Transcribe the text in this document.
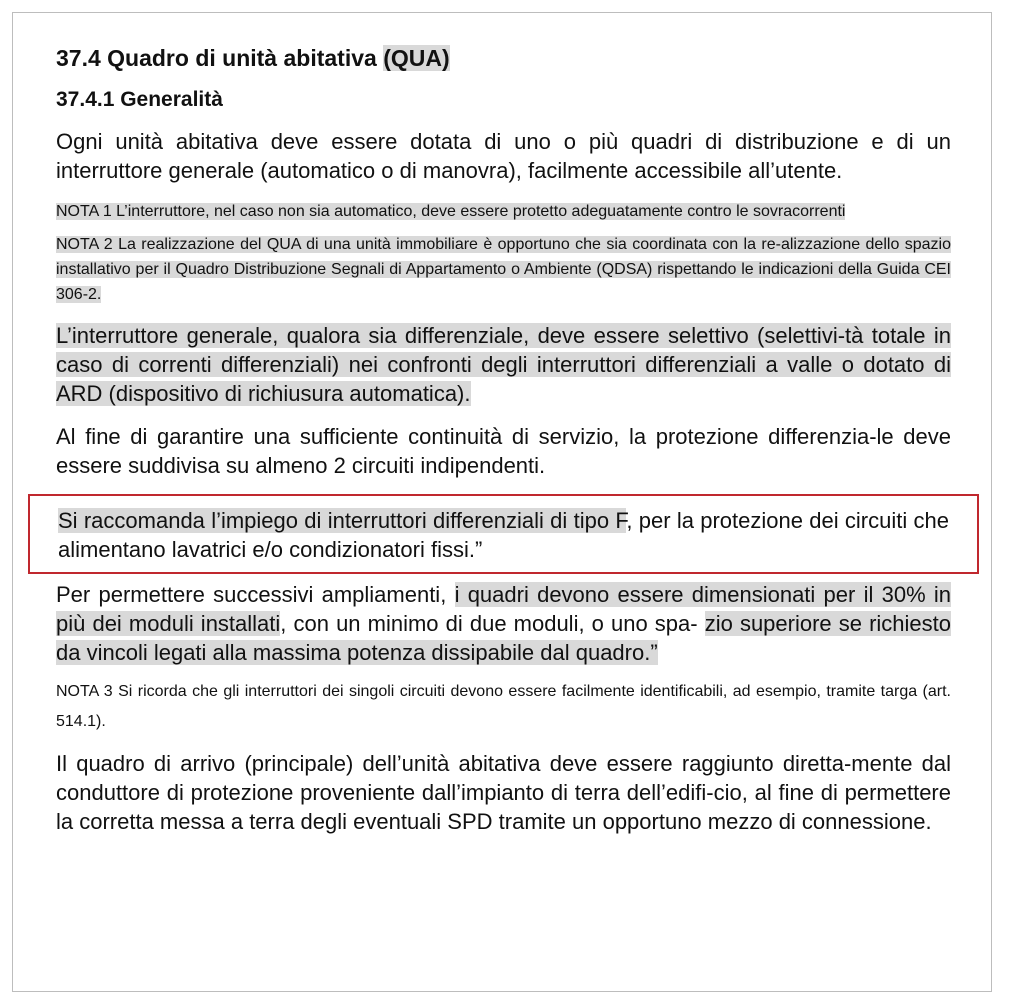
37.4 Quadro di unità abitativa (QUA)
37.4.1 Generalità

Ogni unità abitativa deve essere dotata di uno o più quadri di distribuzione e di un interruttore generale (automatico o di manovra), facilmente accessibile all’utente.

NOTA 1 L’interruttore, nel caso non sia automatico, deve essere protetto adeguatamente contro le sovracorrenti

NOTA 2 La realizzazione del QUA di una unità immobiliare è opportuno che sia coordinata con la re-alizzazione dello spazio installativo per il Quadro Distribuzione Segnali di Appartamento o Ambiente (QDSA) rispettando le indicazioni della Guida CEI 306-2.

L’interruttore generale, qualora sia differenziale, deve essere selettivo (selettivi-tà totale in caso di correnti differenziali) nei confronti degli interruttori differenziali a valle o dotato di ARD (dispositivo di richiusura automatica).

Al fine di garantire una sufficiente continuità di servizio, la protezione differenzia-le deve essere suddivisa su almeno 2 circuiti indipendenti.

Si raccomanda l’impiego di interruttori differenziali di tipo F, per la protezione dei circuiti che alimentano lavatrici e/o condizionatori fissi.”

Per permettere successivi ampliamenti, i quadri devono essere dimensionati per il 30% in più dei moduli installati, con un minimo di due moduli, o uno spa- zio superiore se richiesto da vincoli legati alla massima potenza dissipabile dal quadro.”

NOTA 3 Si ricorda che gli interruttori dei singoli circuiti devono essere facilmente identificabili, ad esempio, tramite targa (art. 514.1).

Il quadro di arrivo (principale) dell’unità abitativa deve essere raggiunto diretta-mente dal conduttore di protezione proveniente dall’impianto di terra dell’edifi-cio, al fine di permettere la corretta messa a terra degli eventuali SPD tramite un opportuno mezzo di connessione.
